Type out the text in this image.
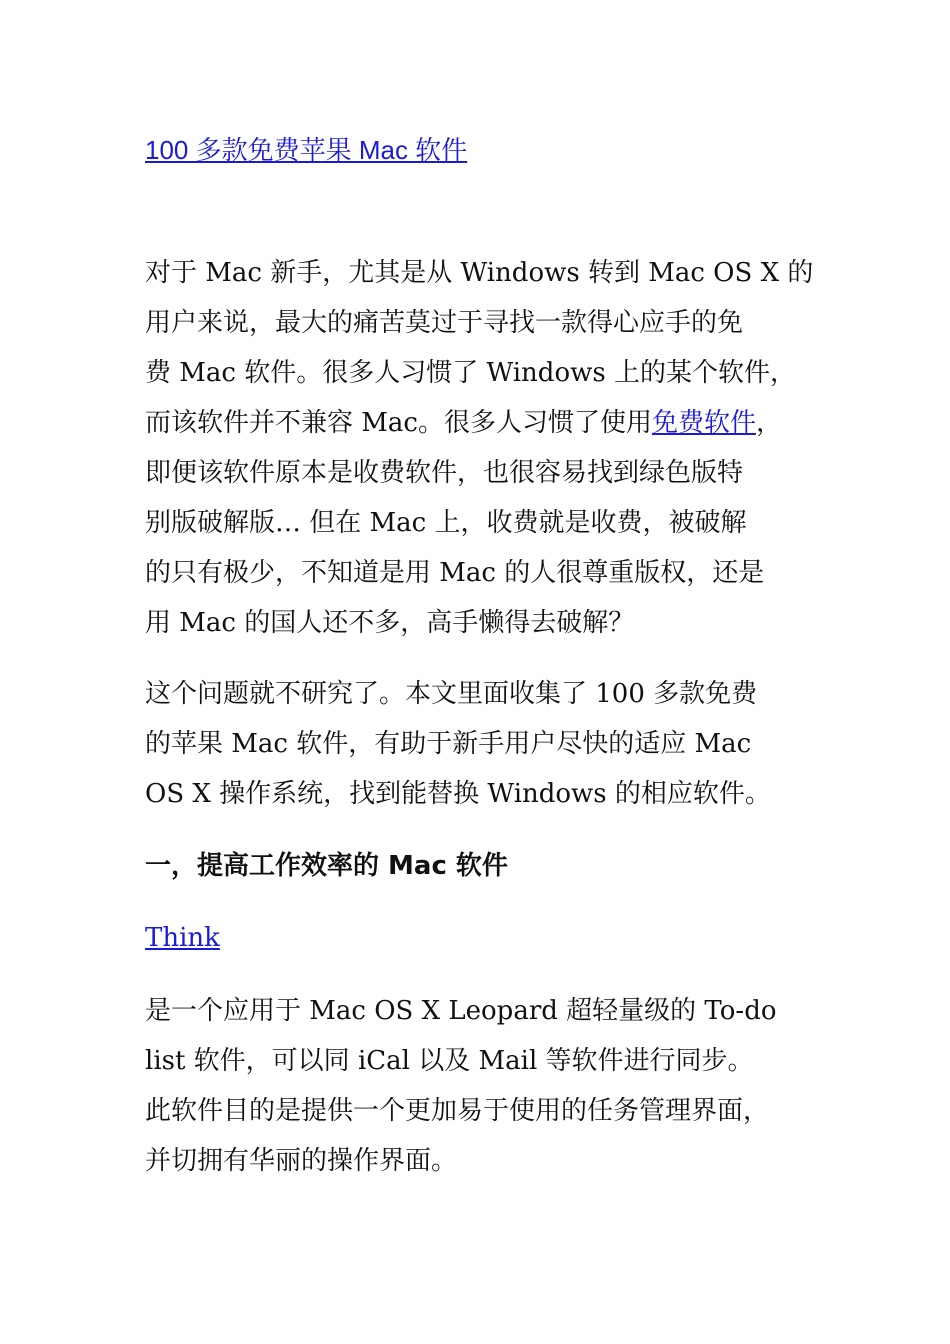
100 多款免费苹果 Mac 软件

对于 Mac 新手，尤其是从 Windows 转到 Mac OS X 的
用户来说，最大的痛苦莫过于寻找一款得心应手的免
费 Mac 软件。很多人习惯了 Windows 上的某个软件，
而该软件并不兼容 Mac。很多人习惯了使用免费软件，
即便该软件原本是收费软件，也很容易找到绿色版特
别版破解版… 但在 Mac 上，收费就是收费，被破解
的只有极少，不知道是用 Mac 的人很尊重版权，还是
用 Mac 的国人还不多，高手懒得去破解？

这个问题就不研究了。本文里面收集了 100 多款免费
的苹果 Mac 软件，有助于新手用户尽快的适应 Mac
OS X 操作系统，找到能替换 Windows 的相应软件。

一，提高工作效率的 Mac 软件
Think

是一个应用于 Mac OS X Leopard 超轻量级的 To-do
list 软件，可以同 iCal 以及 Mail 等软件进行同步。
此软件目的是提供一个更加易于使用的任务管理界面，
并切拥有华丽的操作界面。
